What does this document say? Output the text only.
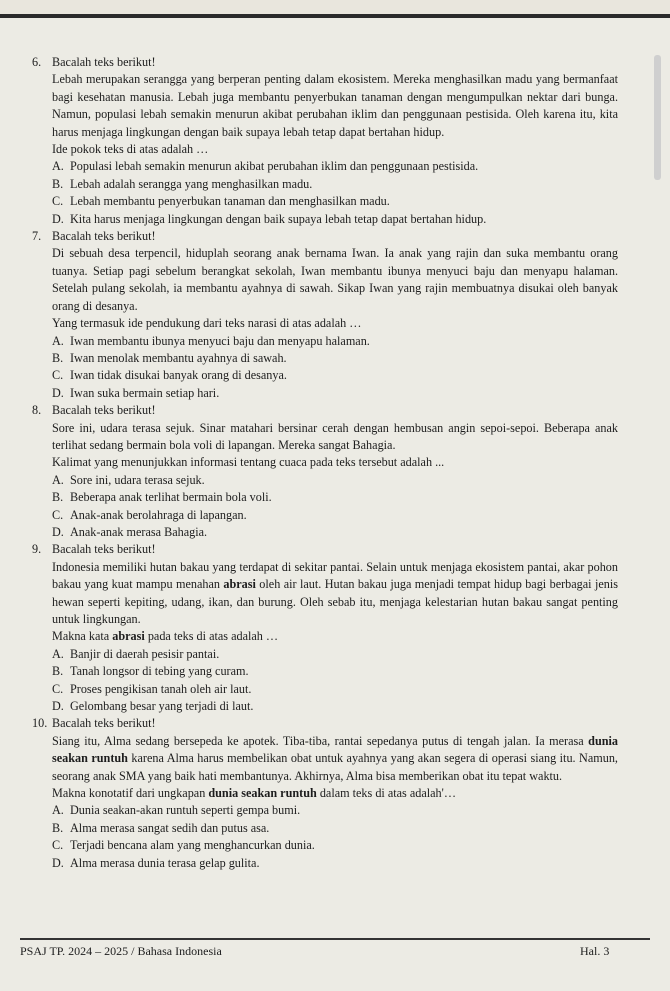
6. Bacalah teks berikut!
Lebah merupakan serangga yang berperan penting dalam ekosistem. Mereka menghasilkan madu yang bermanfaat bagi kesehatan manusia. Lebah juga membantu penyerbukan tanaman dengan mengumpulkan nektar dari bunga. Namun, populasi lebah semakin menurun akibat perubahan iklim dan penggunaan pestisida. Oleh karena itu, kita harus menjaga lingkungan dengan baik supaya lebah tetap dapat bertahan hidup.
Ide pokok teks di atas adalah …
A. Populasi lebah semakin menurun akibat perubahan iklim dan penggunaan pestisida.
B. Lebah adalah serangga yang menghasilkan madu.
C. Lebah membantu penyerbukan tanaman dan menghasilkan madu.
D. Kita harus menjaga lingkungan dengan baik supaya lebah tetap dapat bertahan hidup.
7. Bacalah teks berikut!
Di sebuah desa terpencil, hiduplah seorang anak bernama Iwan. Ia anak yang rajin dan suka membantu orang tuanya. Setiap pagi sebelum berangkat sekolah, Iwan membantu ibunya menyuci baju dan menyapu halaman. Setelah pulang sekolah, ia membantu ayahnya di sawah. Sikap Iwan yang rajin membuatnya disukai oleh banyak orang di desanya.
Yang termasuk ide pendukung dari teks narasi di atas adalah …
A. Iwan membantu ibunya menyuci baju dan menyapu halaman.
B. Iwan menolak membantu ayahnya di sawah.
C. Iwan tidak disukai banyak orang di desanya.
D. Iwan suka bermain setiap hari.
8. Bacalah teks berikut!
Sore ini, udara terasa sejuk. Sinar matahari bersinar cerah dengan hembusan angin sepoi-sepoi. Beberapa anak terlihat sedang bermain bola voli di lapangan. Mereka sangat Bahagia.
Kalimat yang menunjukkan informasi tentang cuaca pada teks tersebut adalah ...
A. Sore ini, udara terasa sejuk.
B. Beberapa anak terlihat bermain bola voli.
C. Anak-anak berolahraga di lapangan.
D. Anak-anak merasa Bahagia.
9. Bacalah teks berikut!
Indonesia memiliki hutan bakau yang terdapat di sekitar pantai. Selain untuk menjaga ekosistem pantai, akar pohon bakau yang kuat mampu menahan abrasi oleh air laut. Hutan bakau juga menjadi tempat hidup bagi berbagai jenis hewan seperti kepiting, udang, ikan, dan burung. Oleh sebab itu, menjaga kelestarian hutan bakau sangat penting untuk lingkungan.
Makna kata abrasi pada teks di atas adalah …
A. Banjir di daerah pesisir pantai.
B. Tanah longsor di tebing yang curam.
C. Proses pengikisan tanah oleh air laut.
D. Gelombang besar yang terjadi di laut.
10. Bacalah teks berikut!
Siang itu, Alma sedang bersepeda ke apotek. Tiba-tiba, rantai sepedanya putus di tengah jalan. Ia merasa dunia seakan runtuh karena Alma harus membelikan obat untuk ayahnya yang akan segera di operasi siang itu. Namun, seorang anak SMA yang baik hati membantunya. Akhirnya, Alma bisa memberikan obat itu tepat waktu.
Makna konotatif dari ungkapan dunia seakan runtuh dalam teks di atas adalah'…
A. Dunia seakan-akan runtuh seperti gempa bumi.
B. Alma merasa sangat sedih dan putus asa.
C. Terjadi bencana alam yang menghancurkan dunia.
D. Alma merasa dunia terasa gelap gulita.
PSAJ TP. 2024 – 2025 / Bahasa Indonesia	Hal. 3
